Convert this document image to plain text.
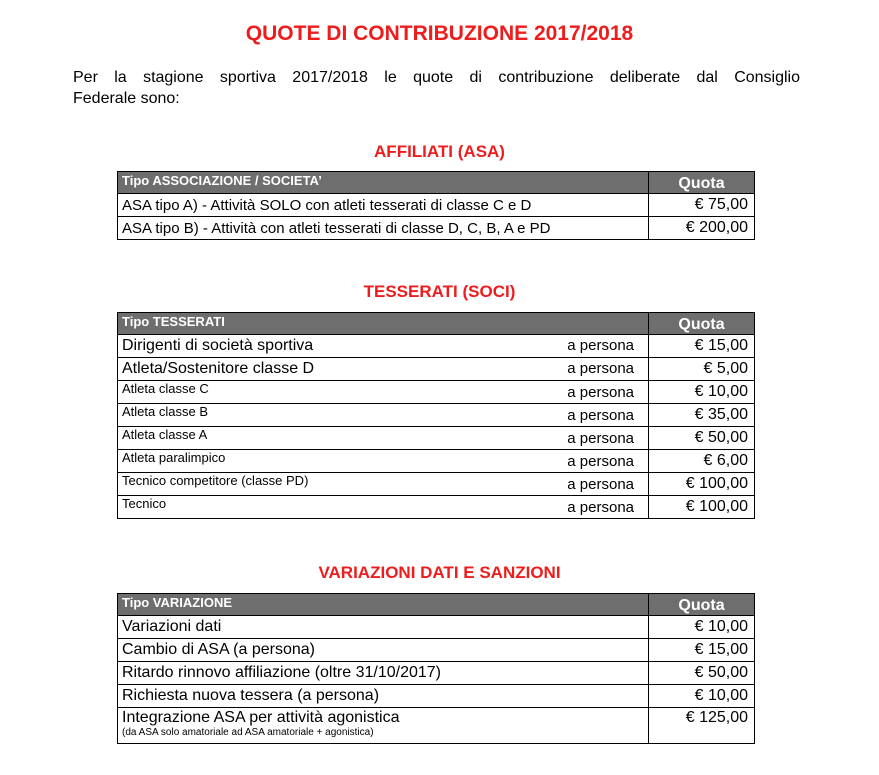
QUOTE DI CONTRIBUZIONE 2017/2018
Per la stagione sportiva 2017/2018 le quote di contribuzione deliberate dal Consiglio
Federale sono:
AFFILIATI (ASA)
Tipo ASSOCIAZIONE / SOCIETA’	Quota
ASA tipo A) - Attività SOLO con atleti tesserati di classe C e D	€ 75,00
ASA tipo B) - Attività con atleti tesserati di classe D, C, B, A e PD	€ 200,00
TESSERATI (SOCI)
Tipo TESSERATI	Quota

Dirigenti di società sportiva a persona	€ 15,00

Atleta/Sostenitore classe D a persona	€ 5,00

Atleta classe C a persona	€ 10,00

Atleta classe B a persona	€ 35,00

Atleta classe A a persona	€ 50,00

Atleta paralimpico a persona	€ 6,00

Tecnico competitore (classe PD) a persona	€ 100,00

Tecnico a persona	€ 100,00
VARIAZIONI DATI E SANZIONI
Tipo VARIAZIONE	Quota
Variazioni dati	€ 10,00
Cambio di ASA (a persona)	€ 15,00
Ritardo rinnovo affiliazione (oltre 31/10/2017)	€ 50,00
Richiesta nuova tessera (a persona)	€ 10,00

Integrazione ASA per attività agonistica
(da ASA solo amatoriale ad ASA amatoriale + agonistica)	€ 125,00
